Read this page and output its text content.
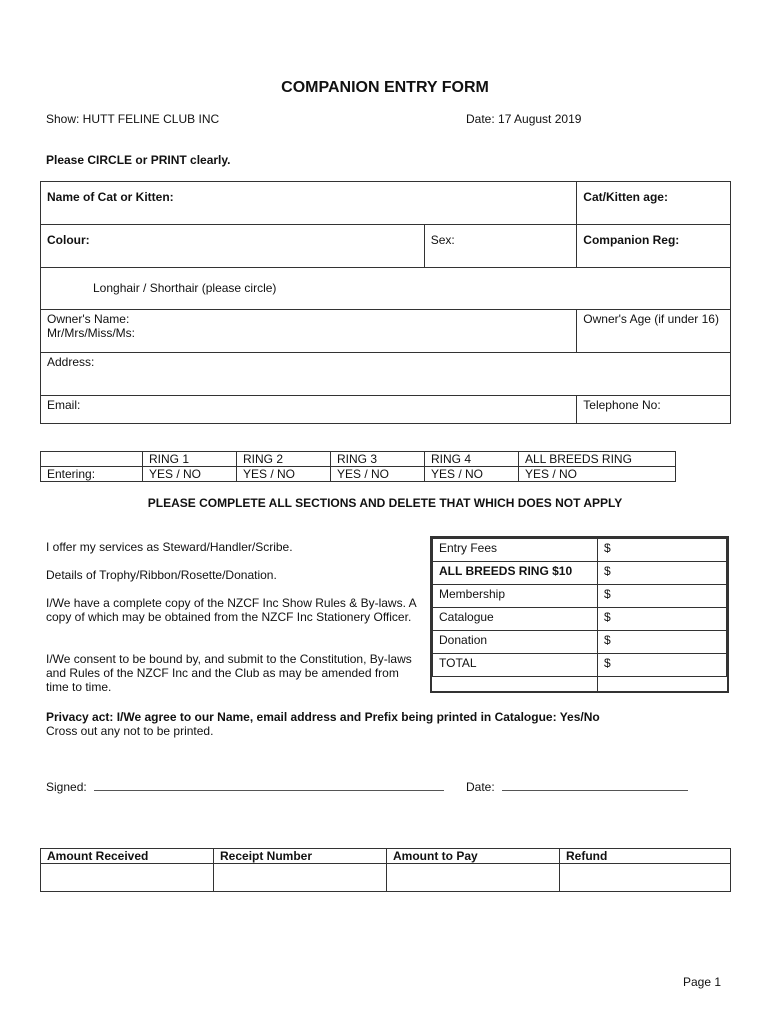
COMPANION ENTRY FORM
Show: HUTT FELINE CLUB INC	Date: 17 August 2019
Please CIRCLE or PRINT clearly.
Name of Cat or Kitten:		Cat/Kitten age:
Colour:	Sex:	Companion Reg:
Longhair / Shorthair (please circle)		

Owner's Name:
Mr/Mrs/Miss/Ms:		Owner's Age (if under 16)
Address:		
Email:		Telephone No:
	RING 1	RING 2	RING 3	RING 4	ALL BREEDS RING
Entering:	YES / NO	YES / NO	YES / NO	YES / NO	YES / NO
PLEASE COMPLETE ALL SECTIONS AND DELETE THAT WHICH DOES NOT APPLY
I offer my services as Steward/Handler/Scribe.
Details of Trophy/Ribbon/Rosette/Donation.
I/We have a complete copy of the NZCF Inc Show Rules & By-laws. A copy of which may be obtained from the NZCF Inc Stationery Officer.
I/We consent to be bound by, and submit to the Constitution, By-laws and Rules of the NZCF Inc and the Club as may be amended from time to time.
Entry Fees	$
ALL BREEDS RING $10	$
Membership	$
Catalogue	$
Donation	$
TOTAL	$
Privacy act: I/We agree to our Name, email address and Prefix being printed in Catalogue: Yes/No
Cross out any not to be printed.
Signed:	Date:
Amount Received	Receipt Number	Amount to Pay	Refund

Page 1
